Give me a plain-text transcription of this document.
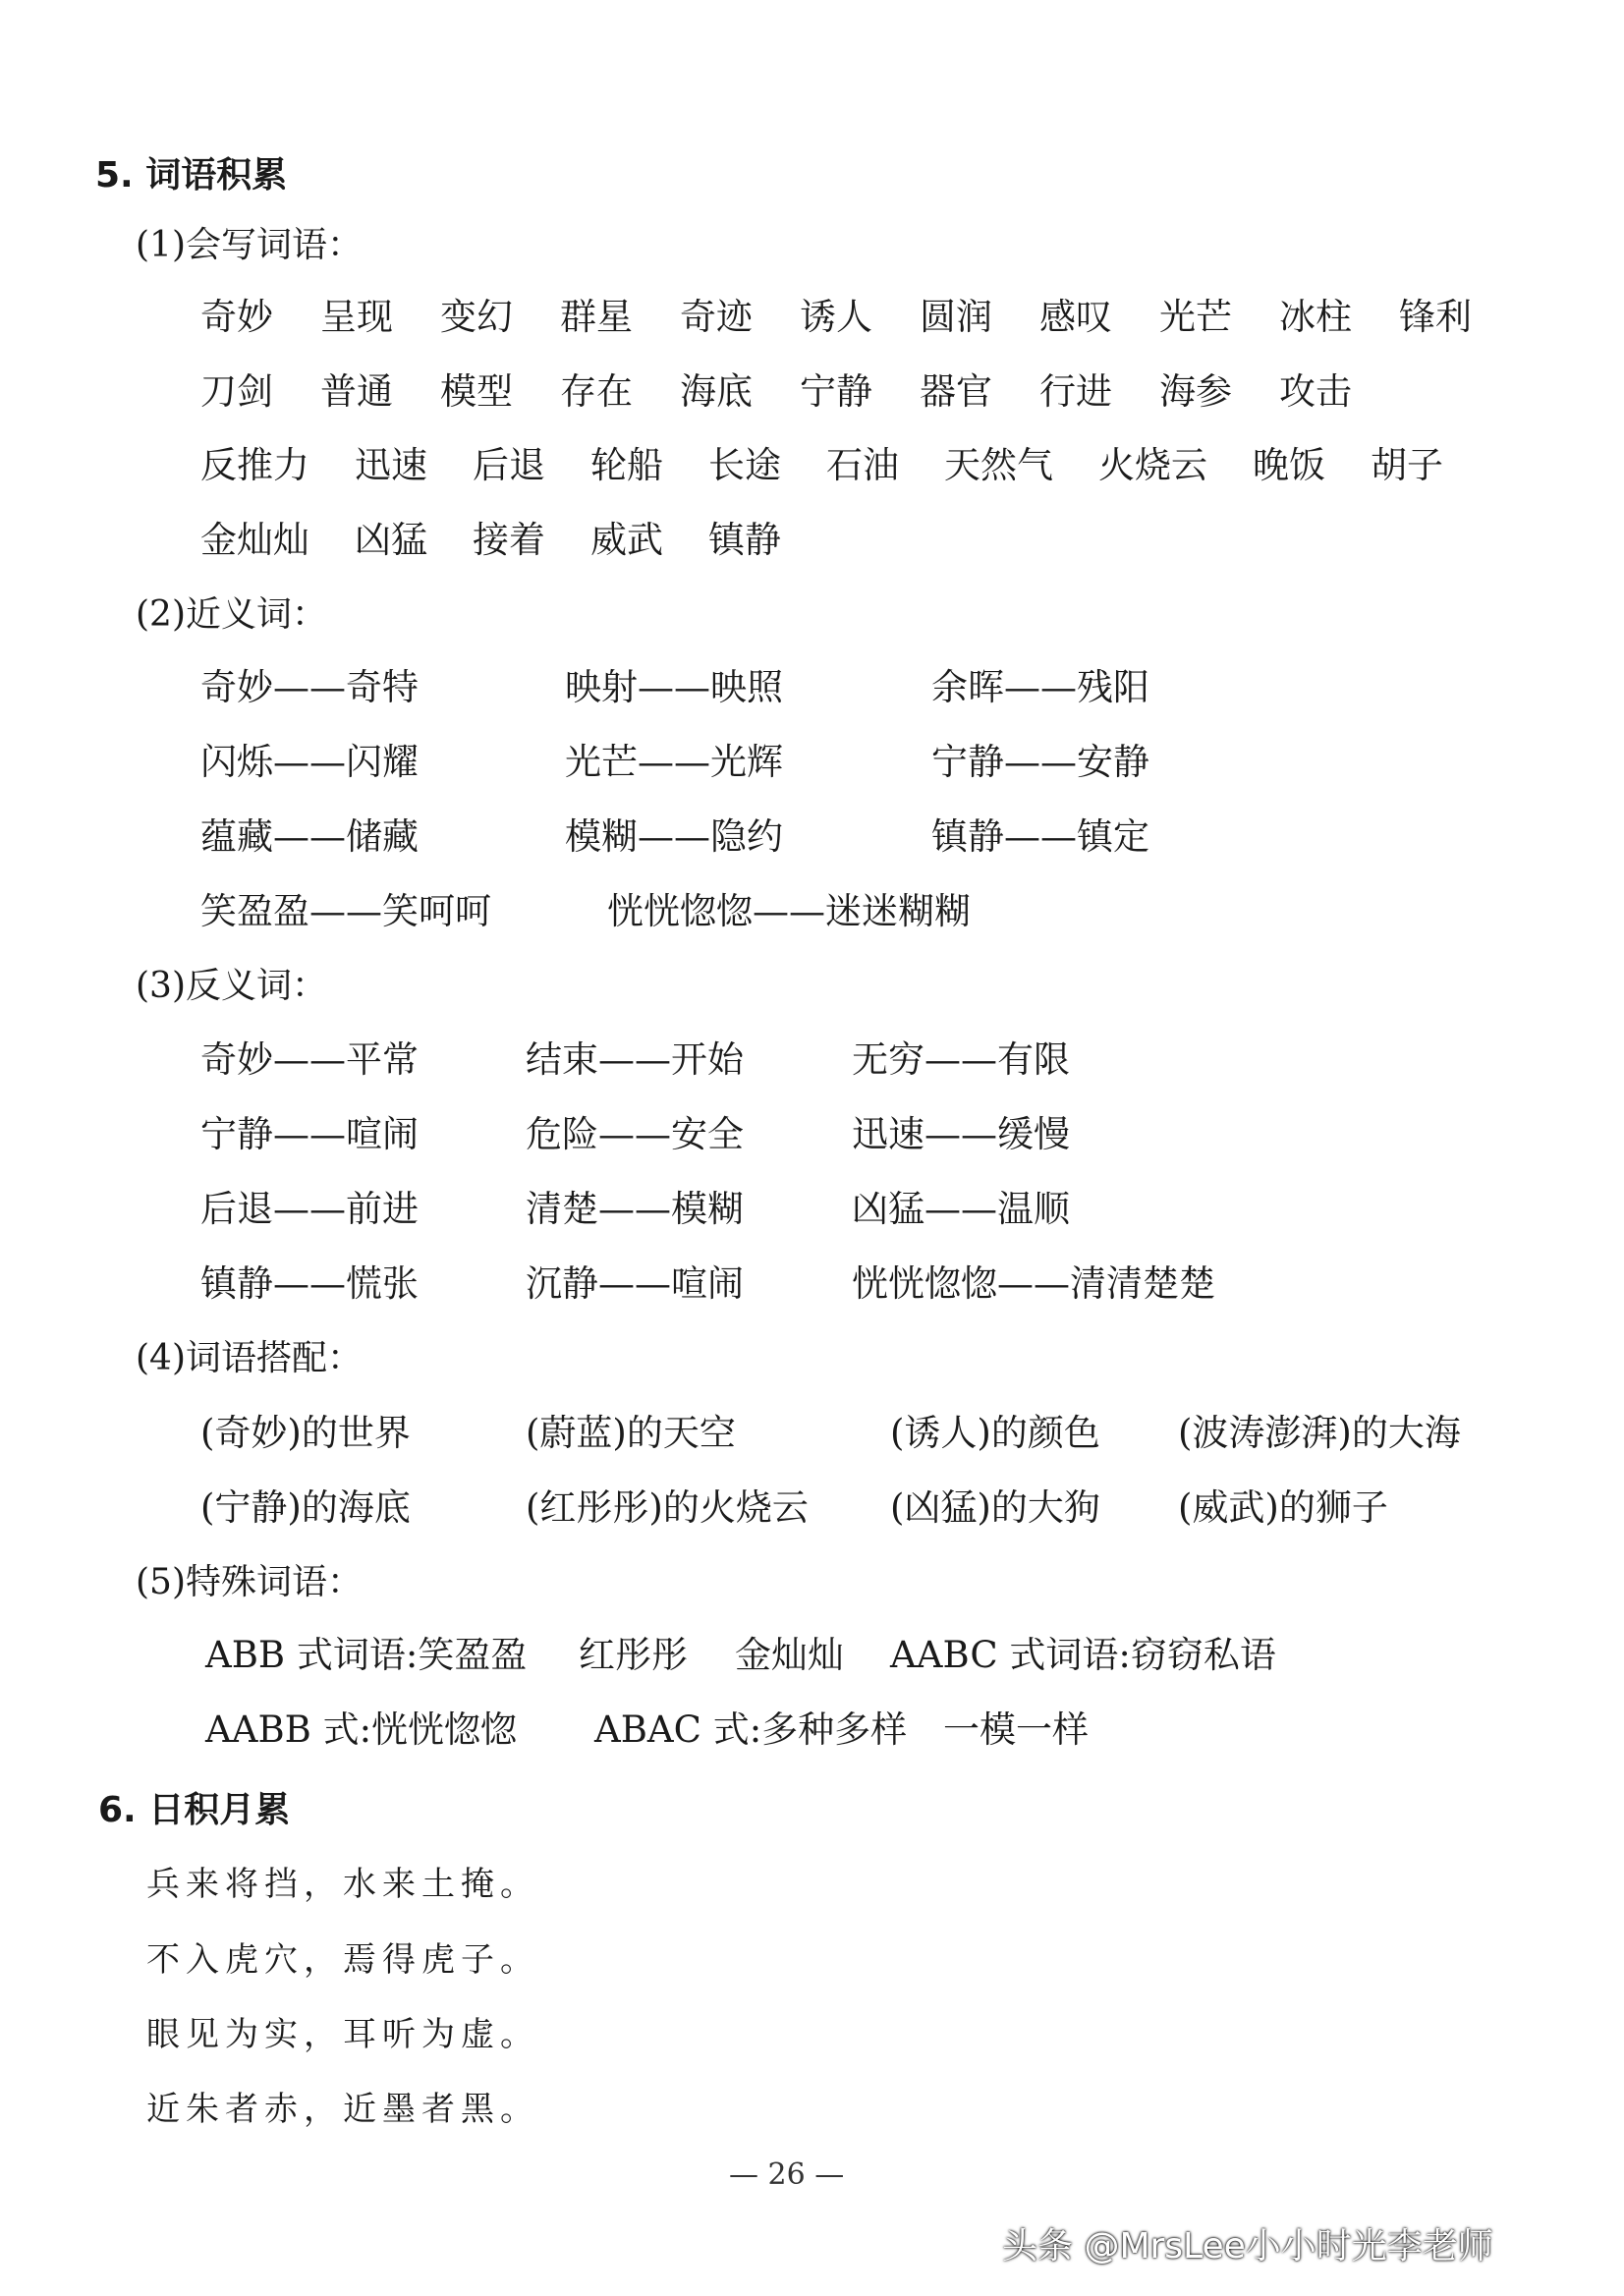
5. 词语积累
(1)会写词语：
奇妙 呈现 变幻 群星 奇迹 诱人 圆润 感叹 光芒 冰柱 锋利
刀剑 普通 模型 存在 海底 宁静 器官 行进 海参 攻击
反推力 迅速 后退 轮船 长途 石油 天然气 火烧云 晚饭 胡子
金灿灿 凶猛 接着 威武 镇静
(2)近义词：
奇妙——奇特	映射——映照	余晖——残阳
闪烁——闪耀	光芒——光辉	宁静——安静
蕴藏——储藏	模糊——隐约	镇静——镇定
笑盈盈——笑呵呵	恍恍惚惚——迷迷糊糊
(3)反义词：
奇妙——平常	结束——开始	无穷——有限
宁静——喧闹	危险——安全	迅速——缓慢
后退——前进	清楚——模糊	凶猛——温顺
镇静——慌张	沉静——喧闹	恍恍惚惚——清清楚楚
(4)词语搭配：
(奇妙)的世界	(蔚蓝)的天空	(诱人)的颜色 (波涛澎湃)的大海
(宁静)的海底	(红彤彤)的火烧云 (凶猛)的大狗 (威武)的狮子
(5)特殊词语：
ABB 式词语:笑盈盈 红彤彤 金灿灿 AABC 式词语:窃窃私语
AABB 式:恍恍惚惚 ABAC 式:多种多样 一模一样
6. 日积月累
兵来将挡，水来土掩。
不入虎穴，焉得虎子。
眼见为实，耳听为虚。
近朱者赤，近墨者黑。
— 26 —
头条 @MrsLee小小时光李老师
